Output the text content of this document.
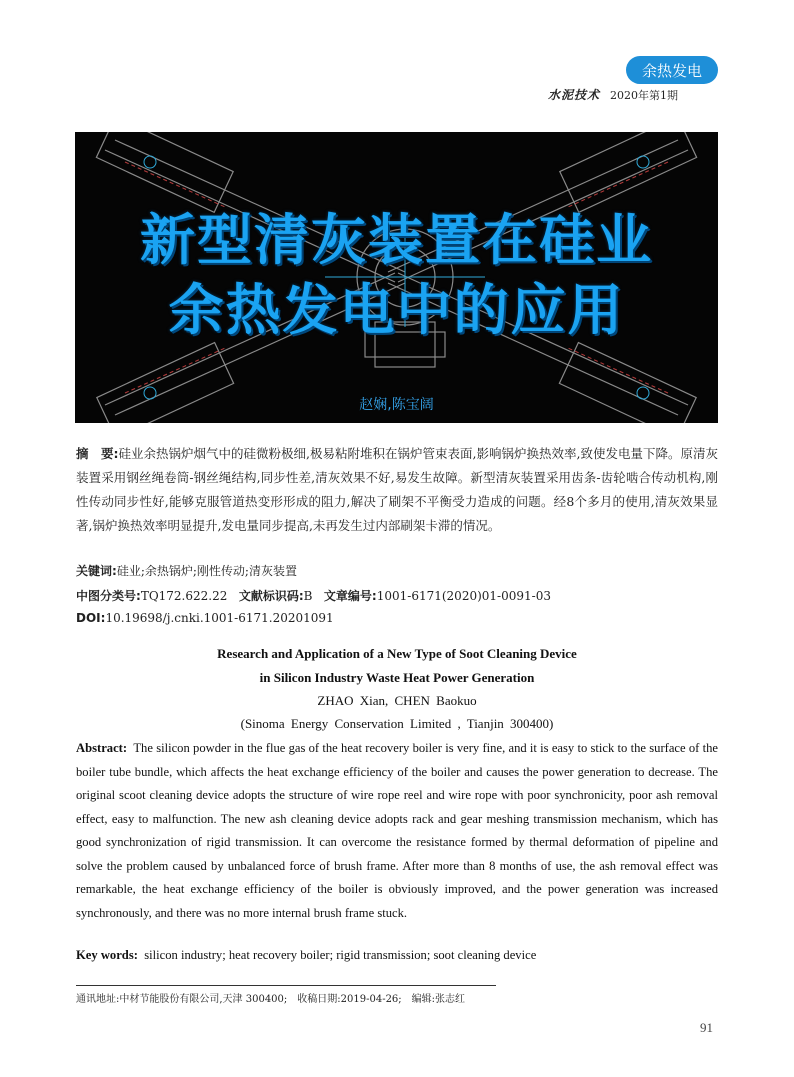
余热发电
水泥技术 2020年第1期
新型清灰装置在硅业
余热发电中的应用
赵娴,陈宝阔
摘　要:硅业余热锅炉烟气中的硅微粉极细,极易粘附堆积在锅炉管束表面,影响锅炉换热效率,致使发电量下降。原清灰装置采用钢丝绳卷筒-钢丝绳结构,同步性差,清灰效果不好,易发生故障。新型清灰装置采用齿条-齿轮啮合传动机构,刚性传动同步性好,能够克服管道热变形形成的阻力,解决了刷架不平衡受力造成的问题。经8个多月的使用,清灰效果显著,锅炉换热效率明显提升,发电量同步提高,未再发生过内部刷架卡滞的情况。
关键词:硅业;余热锅炉;刚性传动;清灰装置
中图分类号:TQ172.622.22 文献标识码:B 文章编号:1001-6171(2020)01-0091-03
DOI:10.19698/j.cnki.1001-6171.20201091
Research and Application of a New Type of Soot Cleaning Device
in Silicon Industry Waste Heat Power Generation
ZHAO Xian, CHEN Baokuo
(Sinoma Energy Conservation Limited , Tianjin 300400)
Abstract: The silicon powder in the flue gas of the heat recovery boiler is very fine, and it is easy to stick to the surface of the boiler tube bundle, which affects the heat exchange efficiency of the boiler and causes the power generation to decrease. The original scoot cleaning device adopts the structure of wire rope reel and wire rope with poor synchronicity, poor ash removal effect, easy to malfunction. The new ash cleaning device adopts rack and gear meshing transmission mechanism, which has good synchronization of rigid transmission. It can overcome the resistance formed by thermal deformation of pipeline and solve the problem caused by unbalanced force of brush frame. After more than 8 months of use, the ash removal effect was remarkable, the heat exchange efficiency of the boiler is obviously improved, and the power generation was increased synchronously, and there was no more internal brush frame stuck.
Key words: silicon industry; heat recovery boiler; rigid transmission; soot cleaning device
通讯地址:中材节能股份有限公司,天津 300400;　收稿日期:2019-04-26;　编辑:张志红
91
